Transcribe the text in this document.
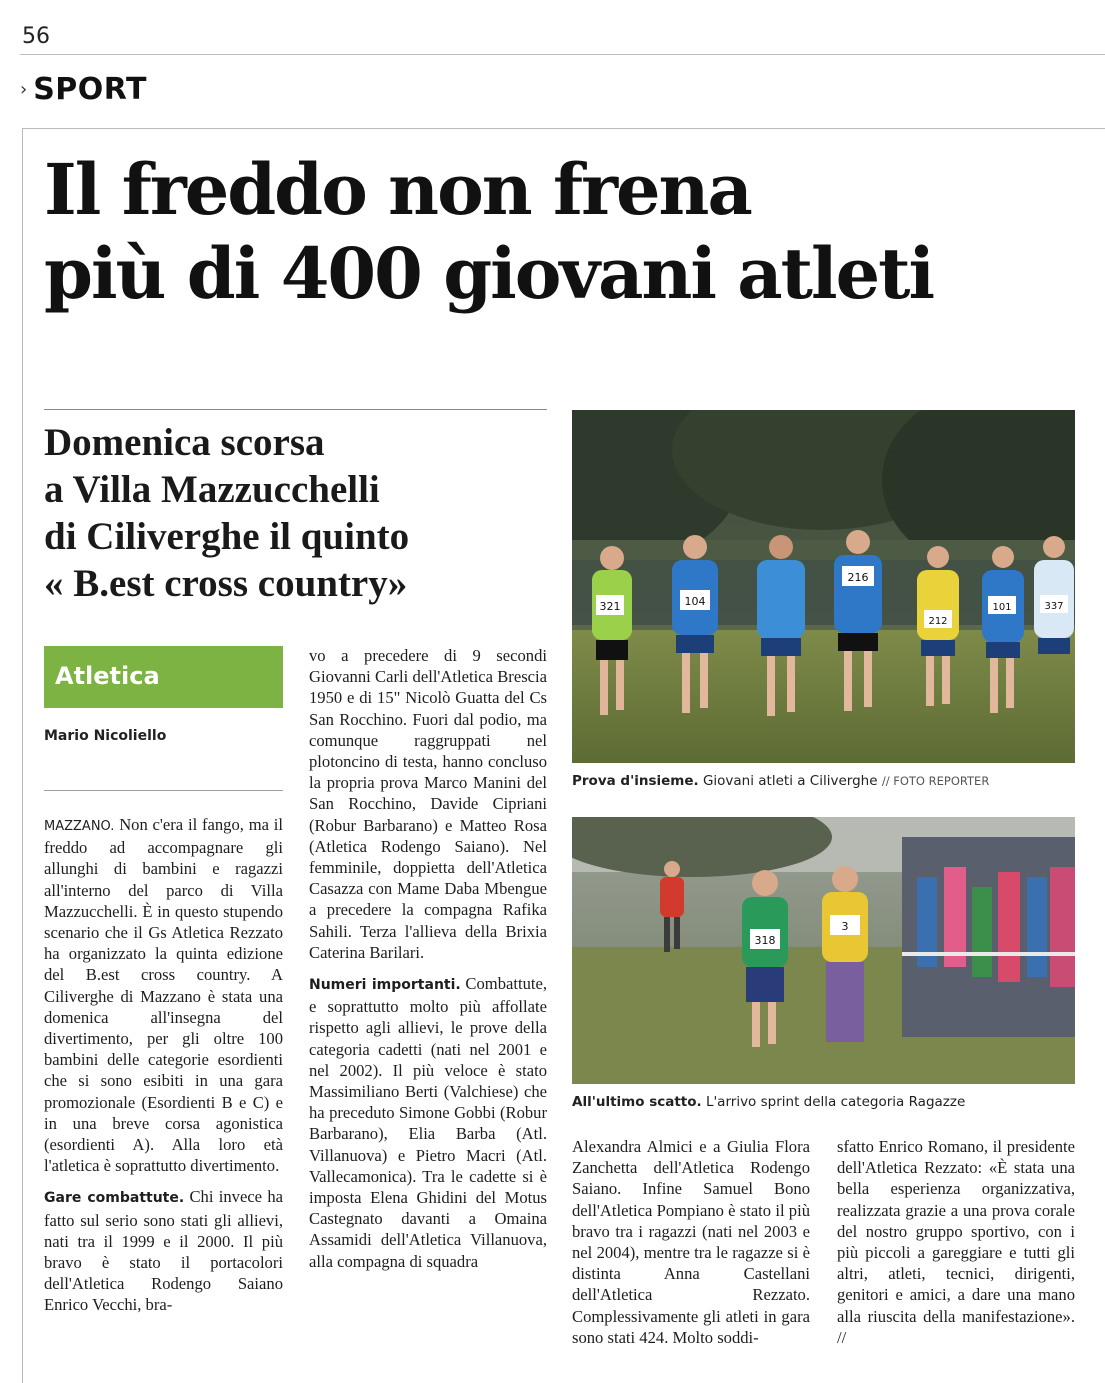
56
› SPORT
Il freddo non frena
più di 400 giovani atleti
Domenica scorsa
a Villa Mazzucchelli
di Ciliverghe il quinto
« B.est cross country»
Atletica
Mario Nicoliello

MAZZANO. Non c'era il fango, ma il freddo ad accompagnare gli allunghi di bambini e ragazzi all'interno del parco di Villa Mazzucchelli. È in questo stupendo scenario che il Gs Atletica Rezzato ha organizzato la quinta edizione del B.est cross country. A Ciliverghe di Mazzano è stata una domenica all'insegna del divertimento, per gli oltre 100 bambini delle categorie esordienti che si sono esibiti in una gara promozionale (Esordienti B e C) e in una breve corsa agonistica (esordienti A). Alla loro età l'atletica è soprattutto divertimento.

Gare combattute. Chi invece ha fatto sul serio sono stati gli allievi, nati tra il 1999 e il 2000. Il più bravo è stato il portacolori dell'Atletica Rodengo Saiano Enrico Vecchi, bra-

vo a precedere di 9 secondi Giovanni Carli dell'Atletica Brescia 1950 e di 15" Nicolò Guatta del Cs San Rocchino. Fuori dal podio, ma comunque raggruppati nel plotoncino di testa, hanno concluso la propria prova Marco Manini del San Rocchino, Davide Cipriani (Robur Barbarano) e Matteo Rosa (Atletica Rodengo Saiano). Nel femminile, doppietta dell'Atletica Casazza con Mame Daba Mbengue a precedere la compagna Rafika Sahili. Terza l'allieva della Brixia Caterina Barilari.

Numeri importanti. Combattute, e soprattutto molto più affollate rispetto agli allievi, le prove della categoria cadetti (nati nel 2001 e nel 2002). Il più veloce è stato Massimiliano Berti (Valchiese) che ha preceduto Simone Gobbi (Robur Barbarano), Elia Barba (Atl. Villanuova) e Pietro Macri (Atl. Vallecamonica). Tra le cadette si è imposta Elena Ghidini del Motus Castegnato davanti a Omaina Assamidi dell'Atletica Villanuova, alla compagna di squadra

321	104
216
212
101	337
Prova d'insieme. Giovani atleti a Ciliverghe // FOTO REPORTER
318
3
All'ultimo scatto. L'arrivo sprint della categoria Ragazze

Alexandra Almici e a Giulia Flora Zanchetta dell'Atletica Rodengo Saiano. Infine Samuel Bono dell'Atletica Pompiano è stato il più bravo tra i ragazzi (nati nel 2003 e nel 2004), mentre tra le ragazze si è distinta Anna Castellani dell'Atletica Rezzato. Complessivamente gli atleti in gara sono stati 424. Molto soddi-

sfatto Enrico Romano, il presidente dell'Atletica Rezzato: «È stata una bella esperienza organizzativa, realizzata grazie a una prova corale del nostro gruppo sportivo, con i più piccoli a gareggiare e tutti gli altri, atleti, tecnici, dirigenti, genitori e amici, a dare una mano alla riuscita della manifestazione». //
